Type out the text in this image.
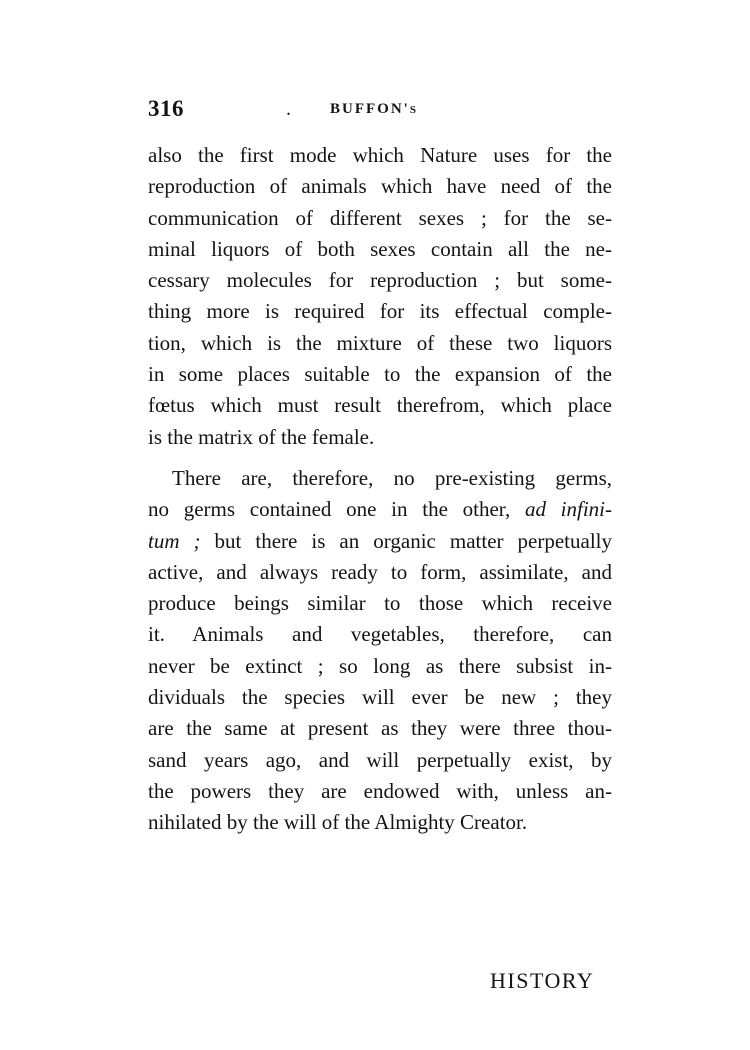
316	.	BUFFON's
also the first mode which Nature uses for the
reproduction of animals which have need of the
communication of different sexes ; for the se-
minal liquors of both sexes contain all the ne-
cessary molecules for reproduction ; but some-
thing more is required for its effectual comple-
tion, which is the mixture of these two liquors
in some places suitable to the expansion of the
fœtus which must result therefrom, which place
is the matrix of the female.
There are, therefore, no pre-existing germs,
no germs contained one in the other, ad infini-
tum ; but there is an organic matter perpetually
active, and always ready to form, assimilate, and
produce beings similar to those which receive
it. Animals and vegetables, therefore, can
never be extinct ; so long as there subsist in-
dividuals the species will ever be new ; they
are the same at present as they were three thou-
sand years ago, and will perpetually exist, by
the powers they are endowed with, unless an-
nihilated by the will of the Almighty Creator.
HISTORY
